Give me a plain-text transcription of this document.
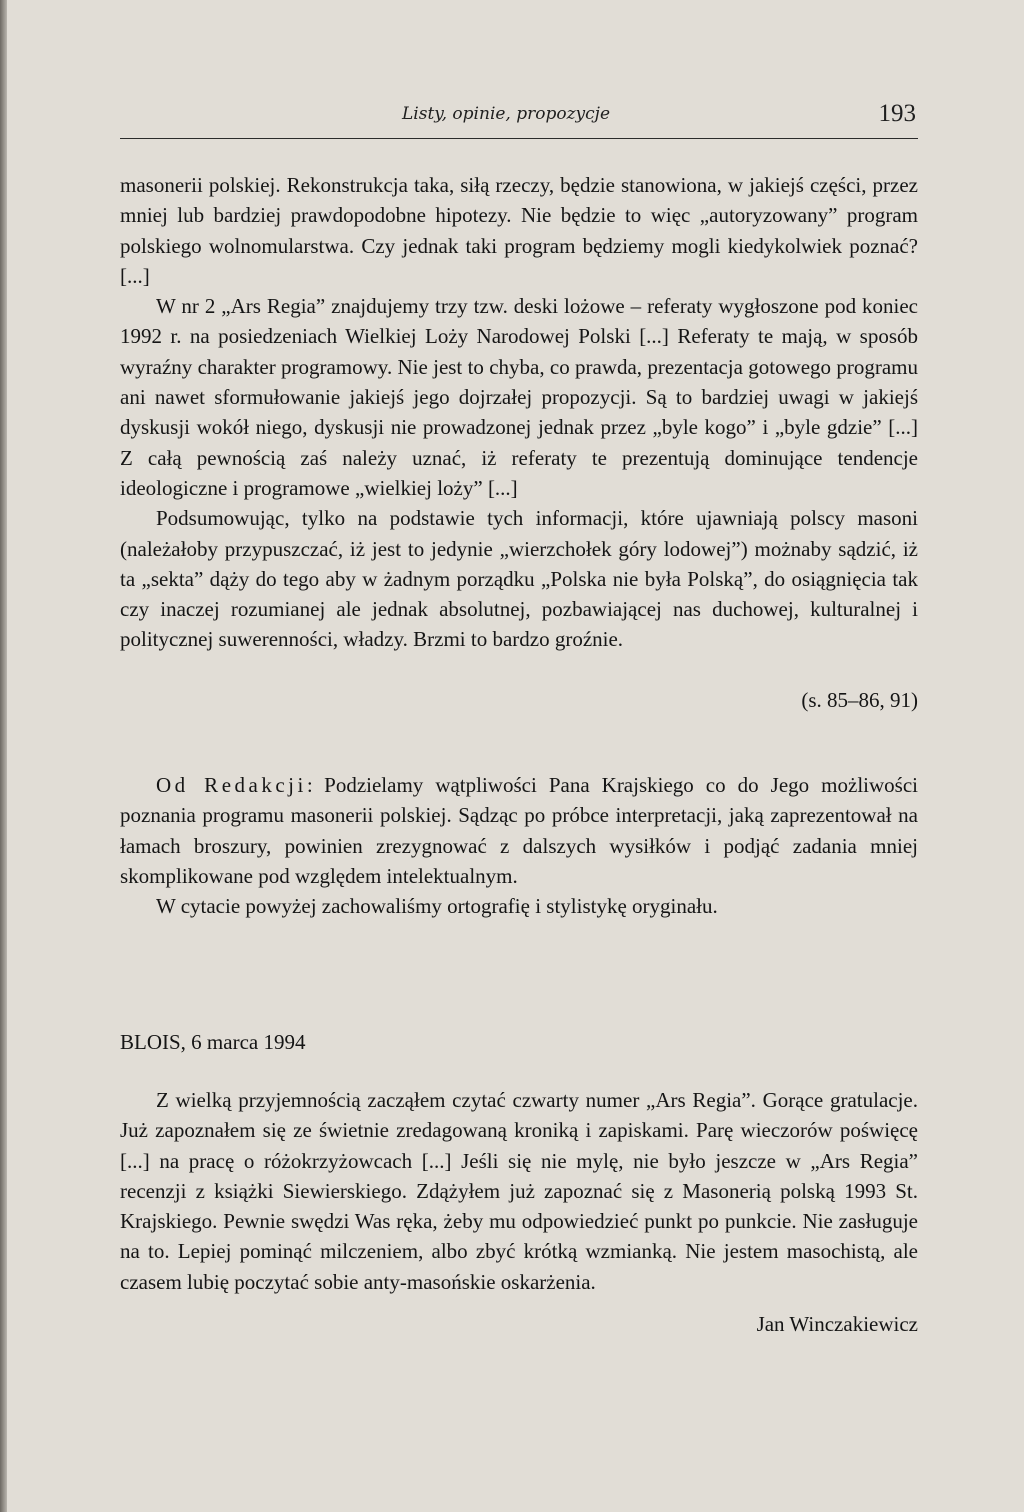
Listy, opinie, propozycje	193

masonerii polskiej. Rekonstrukcja taka, siłą rzeczy, będzie stanowiona, w jakiejś części, przez mniej lub bardziej prawdopodobne hipotezy. Nie będzie to więc „autoryzowany” program polskiego wolnomularstwa. Czy jednak taki program będziemy mogli kiedykolwiek poznać? [...]

W nr 2 „Ars Regia” znajdujemy trzy tzw. deski lożowe – referaty wygłoszone pod koniec 1992 r. na posiedzeniach Wielkiej Loży Narodowej Polski [...] Referaty te mają, w sposób wyraźny charakter programowy. Nie jest to chyba, co prawda, prezentacja gotowego programu ani nawet sformułowanie jakiejś jego dojrzałej propozycji. Są to bardziej uwagi w jakiejś dyskusji wokół niego, dyskusji nie prowadzonej jednak przez „byle kogo” i „byle gdzie” [...] Z całą pewnością zaś należy uznać, iż referaty te prezentują dominujące tendencje ideologiczne i programowe „wielkiej loży” [...]

Podsumowując, tylko na podstawie tych informacji, które ujawniają polscy masoni (należałoby przypuszczać, iż jest to jedynie „wierzchołek góry lodowej”) możnaby sądzić, iż ta „sekta” dąży do tego aby w żadnym porządku „Polska nie była Polską”, do osiągnięcia tak czy inaczej rozumianej ale jednak absolutnej, pozbawiającej nas duchowej, kulturalnej i politycznej suwerenności, władzy. Brzmi to bardzo groźnie.

(s. 85–86, 91)

Od Redakcji: Podzielamy wątpliwości Pana Krajskiego co do Jego możliwości poznania programu masonerii polskiej. Sądząc po próbce interpretacji, jaką zaprezentował na łamach broszury, powinien zrezygnować z dalszych wysiłków i podjąć zadania mniej skomplikowane pod względem intelektualnym.

W cytacie powyżej zachowaliśmy ortografię i stylistykę oryginału.

BLOIS, 6 marca 1994

Z wielką przyjemnością zacząłem czytać czwarty numer „Ars Regia”. Gorące gratulacje. Już zapoznałem się ze świetnie zredagowaną kroniką i zapiskami. Parę wieczorów poświęcę [...] na pracę o różokrzyżowcach [...] Jeśli się nie mylę, nie było jeszcze w „Ars Regia” recenzji z książki Siewierskiego. Zdążyłem już zapoznać się z Masonerią polską 1993 St. Krajskiego. Pewnie swędzi Was ręka, żeby mu odpowiedzieć punkt po punkcie. Nie zasługuje na to. Lepiej pominąć milczeniem, albo zbyć krótką wzmianką. Nie jestem masochistą, ale czasem lubię poczytać sobie anty-masońskie oskarżenia.

Jan Winczakiewicz
